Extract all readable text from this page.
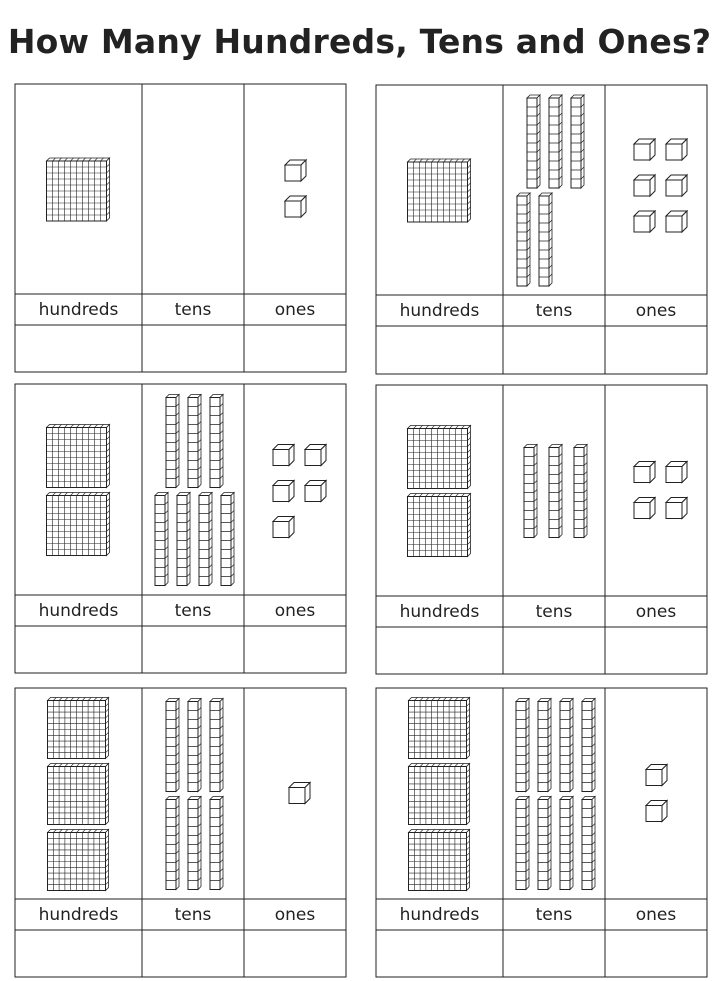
How Many Hundreds, Tens and Ones?
hundreds	tens	ones	hundreds	tens	ones
hundreds	tens	ones	hundreds	tens	ones
hundreds	tens	ones	hundreds	tens	ones
